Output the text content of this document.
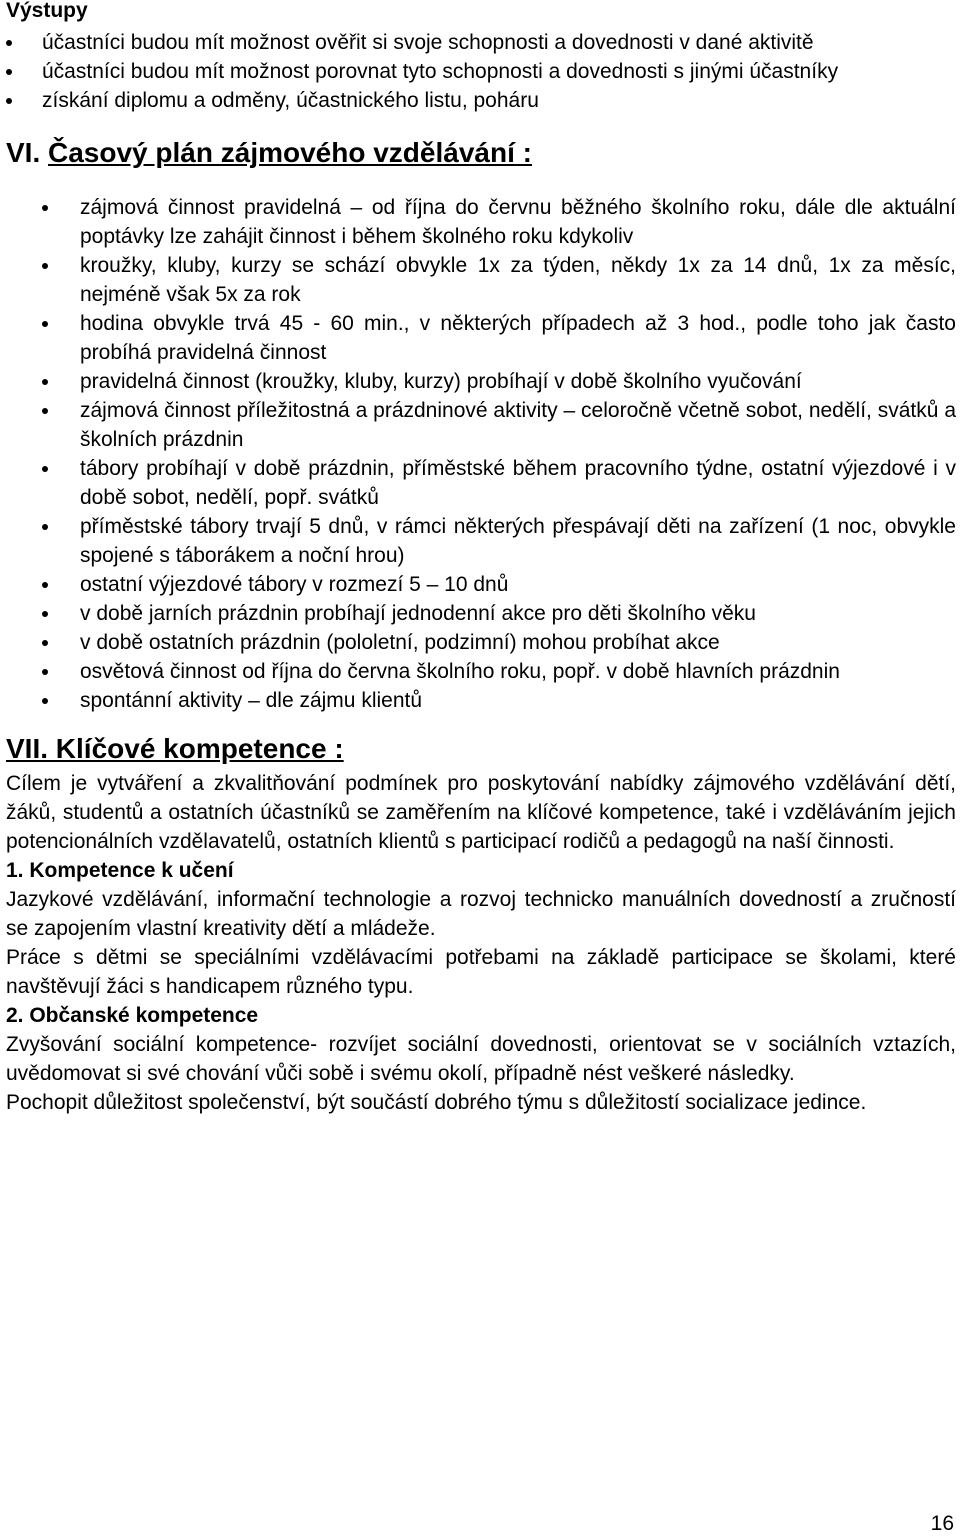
Výstupy

účastníci budou mít možnost ověřit si svoje schopnosti a dovednosti v dané aktivitě
účastníci budou mít možnost porovnat tyto schopnosti a dovednosti s jinými účastníky
získání diplomu a odměny, účastnického listu, poháru
VI. Časový plán zájmového vzdělávání :
zájmová činnost pravidelná – od října do červnu běžného školního roku, dále dle aktuální poptávky lze zahájit činnost i během školného roku kdykoliv
kroužky, kluby, kurzy se schází obvykle 1x za týden, někdy 1x za 14 dnů, 1x za měsíc, nejméně však 5x za rok
hodina obvykle trvá 45 - 60 min., v některých případech až 3 hod., podle toho jak často probíhá pravidelná činnost
pravidelná činnost (kroužky, kluby, kurzy) probíhají v době školního vyučování
zájmová činnost příležitostná a prázdninové aktivity – celoročně včetně sobot, nedělí, svátků a školních prázdnin
tábory probíhají v době prázdnin, příměstské během pracovního týdne, ostatní výjezdové i v době sobot, nedělí, popř. svátků
příměstské tábory trvají 5 dnů, v rámci některých přespávají děti na zařízení (1 noc, obvykle spojené s táborákem a noční hrou)
ostatní výjezdové tábory v rozmezí 5 – 10 dnů
v době jarních prázdnin probíhají jednodenní akce pro děti školního věku
v době ostatních prázdnin (pololetní, podzimní) mohou probíhat akce
osvětová činnost od října do června školního roku, popř. v době hlavních prázdnin
spontánní aktivity – dle zájmu klientů
VII. Klíčové kompetence :

Cílem je vytváření a zkvalitňování podmínek pro poskytování nabídky zájmového vzdělávání dětí, žáků, studentů a ostatních účastníků se zaměřením na klíčové kompetence, také i vzděláváním jejich potencionálních vzdělavatelů, ostatních klientů s participací rodičů a pedagogů na naší činnosti.

1. Kompetence k učení

Jazykové vzdělávání, informační technologie a rozvoj technicko manuálních dovedností a zručností se zapojením vlastní kreativity dětí a mládeže.

Práce s dětmi se speciálními vzdělávacími potřebami na základě participace se školami, které navštěvují žáci s handicapem různého typu.

2. Občanské kompetence

Zvyšování sociální kompetence- rozvíjet sociální dovednosti, orientovat se v sociálních vztazích, uvědomovat si své chování vůči sobě i svému okolí, případně nést veškeré následky.

Pochopit důležitost společenství, být součástí dobrého týmu s důležitostí socializace jedince.

16
